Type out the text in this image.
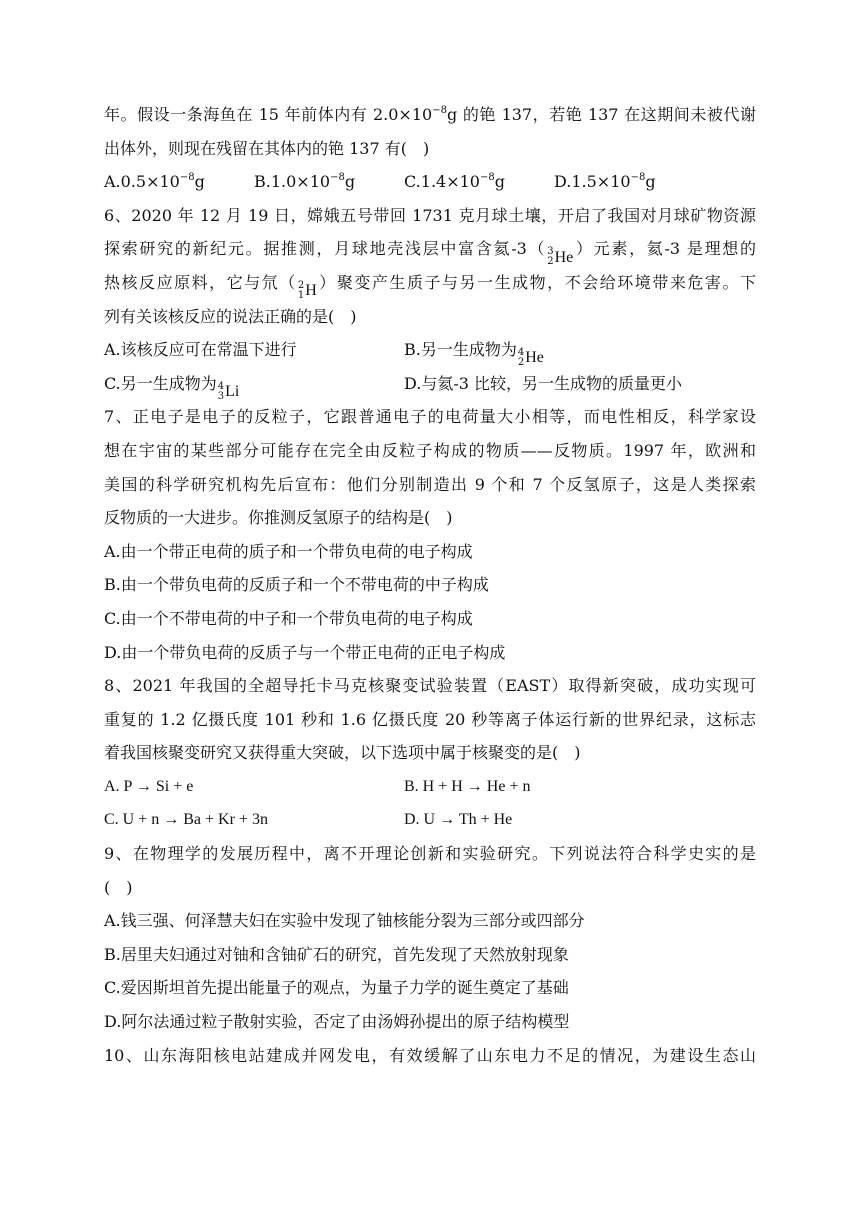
年。假设一条海鱼在 15 年前体内有 $2.0\times 10^{-8}g$ 的铯 137，若铯 137 在这期间未被代谢
出体外，则现在残留在其体内的铯 137 有(　)
$A.0.5\times 10^{-8}g$	$B.1.0\times 10^{-8}g$	$C.1.4\times 10^{-8}g$	$D.1.5\times 10^{-8}g$
6、2020 年 12 月 19 日，嫦娥五号带回 1731 克月球土壤，开启了我国对月球矿物资源
探索研究的新纪元。据推测，月球地壳浅层中富含氦-3（ 3
2 He ）元素，氦-3 是理想的
热核反应原料，它与氘（ 2
1 H ）聚变产生质子与另一生成物，不会给环境带来危害。下
列有关该核反应的说法正确的是(　)
A.该核反应可在常温下进行	B.另一生成物为 4
2 He
C.另一生成物为 4
3 Li	D.与氦-3 比较，另一生成物的质量更小
7、正电子是电子的反粒子，它跟普通电子的电荷量大小相等，而电性相反，科学家设
想在宇宙的某些部分可能存在完全由反粒子构成的物质——反物质。1997 年，欧洲和
美国的科学研究机构先后宣布：他们分别制造出 9 个和 7 个反氢原子，这是人类探索
反物质的一大进步。你推测反氢原子的结构是(　)
A.由一个带正电荷的质子和一个带负电荷的电子构成
B.由一个带负电荷的反质子和一个不带电荷的中子构成
C.由一个不带电荷的中子和一个带负电荷的电子构成
D.由一个带负电荷的反质子与一个带正电荷的正电子构成
8、2021 年我国的全超导托卡马克核聚变试验装置（EAST）取得新突破，成功实现可
重复的 1.2 亿摄氏度 101 秒和 1.6 亿摄氏度 20 秒等离子体运行新的世界纪录，这标志
着我国核聚变研究又获得重大突破，以下选项中属于核聚变的是(　)
A. P → Si + e	B. H + H → He + n
C. U + n → Ba + Kr + 3n	D. U → Th + He
9、在物理学的发展历程中，离不开理论创新和实验研究。下列说法符合科学史实的是
(　)
A.钱三强、何泽慧夫妇在实验中发现了铀核能分裂为三部分或四部分
B.居里夫妇通过对铀和含铀矿石的研究，首先发现了天然放射现象
C.爱因斯坦首先提出能量子的观点，为量子力学的诞生奠定了基础
D.阿尔法通过粒子散射实验，否定了由汤姆孙提出的原子结构模型
10、山东海阳核电站建成并网发电，有效缓解了山东电力不足的情况，为建设生态山
